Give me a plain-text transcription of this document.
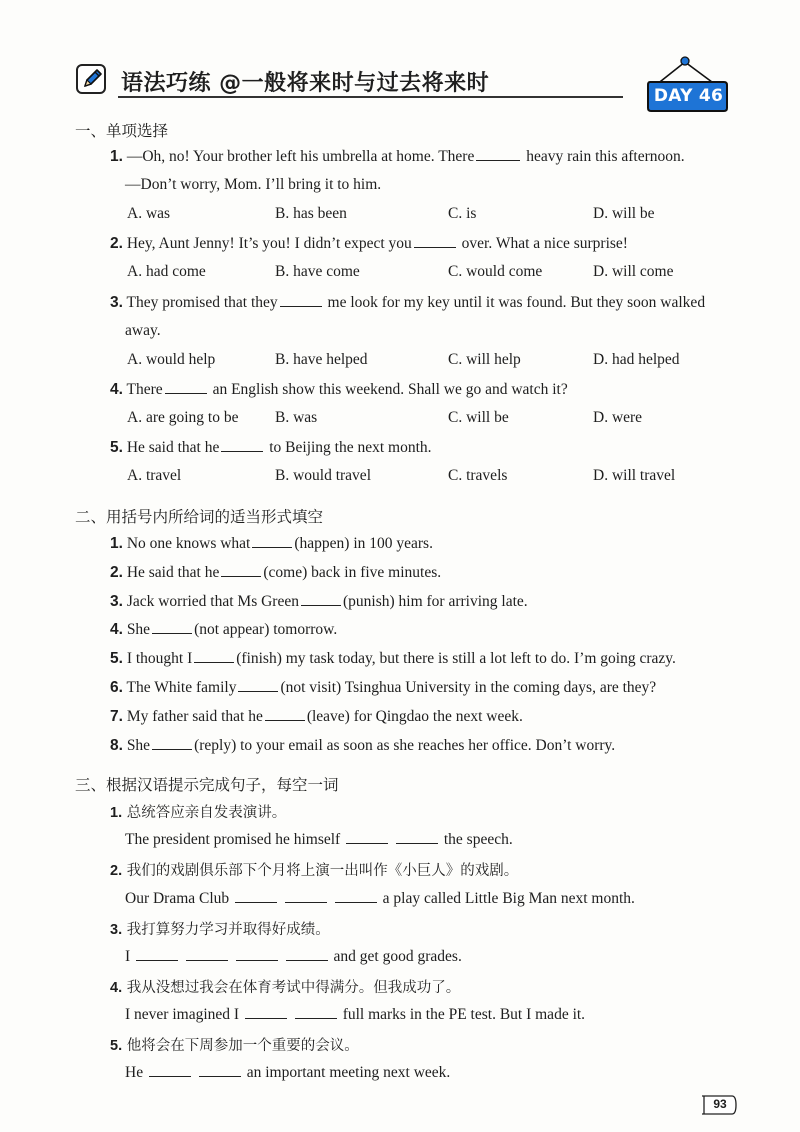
语法巧练 @一般将来时与过去将来时	DAY 46
一、单项选择
1. —Oh, no! Your brother left his umbrella at home. There	heavy rain this afternoon.
—Don’t worry, Mom. I’ll bring it to him.
A. was	B. has been	C. is	D. will be
2. Hey, Aunt Jenny! It’s you! I didn’t expect you	over. What a nice surprise!
A. had come	B. have come	C. would come	D. will come
3. They promised that they	me look for my key until it was found. But they soon walked
away.
A. would help	B. have helped	C. will help	D. had helped
4. There	an English show this weekend. Shall we go and watch it?
A. are going to be B. was	C. will be	D. were
5. He said that he	to Beijing the next month.
A. travel	B. would travel	C. travels	D. will travel
二、用括号内所给词的适当形式填空
1. No one knows what	(happen) in 100 years.
2. He said that he	(come) back in five minutes.
3. Jack worried that Ms Green	(punish) him for arriving late.
4. She	(not appear) tomorrow.
5. I thought I	(finish) my task today, but there is still a lot left to do. I’m going crazy.
6. The White family	(not visit) Tsinghua University in the coming days, are they?
7. My father said that he	(leave) for Qingdao the next week.
8. She	(reply) to your email as soon as she reaches her office. Don’t worry.
三、根据汉语提示完成句子，每空一词
1. 总统答应亲自发表演讲。
The president promised he himself	the speech.
2. 我们的戏剧俱乐部下个月将上演一出叫作《小巨人》的戏剧。
Our Drama Club	a play called Little Big Man next month.
3. 我打算努力学习并取得好成绩。
I	and get good grades.
4. 我从没想过我会在体育考试中得满分。但我成功了。
I never imagined I	full marks in the PE test. But I made it.
5. 他将会在下周参加一个重要的会议。
He	an important meeting next week.
93
